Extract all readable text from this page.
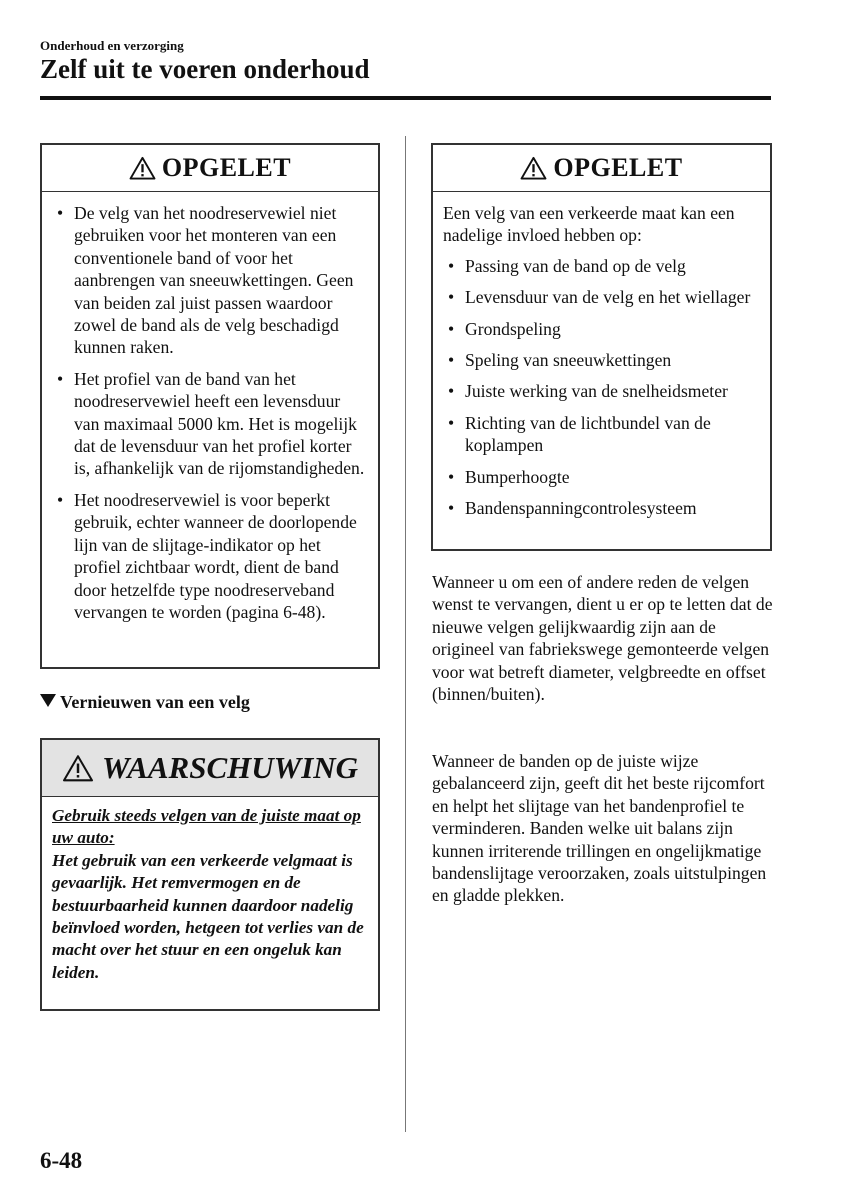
Onderhoud en verzorging
Zelf uit te voeren onderhoud
OPGELET
• De velg van het noodreservewiel niet gebruiken voor het monteren van een conventionele band of voor het aanbrengen van sneeuwkettingen. Geen van beiden zal juist passen waardoor zowel de band als de velg beschadigd kunnen raken.
• Het profiel van de band van het noodreservewiel heeft een levensduur van maximaal 5000 km. Het is mogelijk dat de levensduur van het profiel korter is, afhankelijk van de rijomstandigheden.
• Het noodreservewiel is voor beperkt gebruik, echter wanneer de doorlopende lijn van de slijtage-indikator op het profiel zichtbaar wordt, dient de band door hetzelfde type noodreserveband vervangen te worden (pagina 6-48).
Vernieuwen van een velg
WAARSCHUWING
Gebruik steeds velgen van de juiste maat op uw auto:
Het gebruik van een verkeerde velgmaat is gevaarlijk. Het remvermogen en de bestuurbaarheid kunnen daardoor nadelig beïnvloed worden, hetgeen tot verlies van de macht over het stuur en een ongeluk kan leiden.
OPGELET

Een velg van een verkeerde maat kan een nadelige invloed hebben op:

• Passing van de band op de velg
• Levensduur van de velg en het wiellager
• Grondspeling
• Speling van sneeuwkettingen
• Juiste werking van de snelheidsmeter
• Richting van de lichtbundel van de koplampen
• Bumperhoogte
• Bandenspanningcontrolesysteem

Wanneer u om een of andere reden de velgen wenst te vervangen, dient u er op te letten dat de nieuwe velgen gelijkwaardig zijn aan de origineel van fabriekswege gemonteerde velgen voor wat betreft diameter, velgbreedte en offset (binnen/buiten).

Wanneer de banden op de juiste wijze gebalanceerd zijn, geeft dit het beste rijcomfort en helpt het slijtage van het bandenprofiel te verminderen. Banden welke uit balans zijn kunnen irriterende trillingen en ongelijkmatige bandenslijtage veroorzaken, zoals uitstulpingen en gladde plekken.

6-48
